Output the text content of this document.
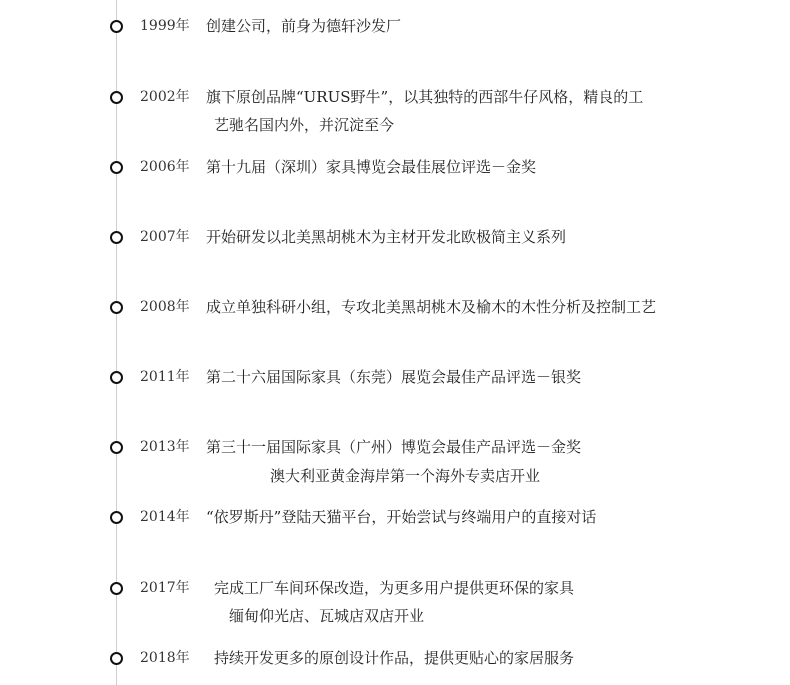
1999年 创建公司，前身为德轩沙发厂
2002年 旗下原创品牌“URUS野牛”，以其独特的西部牛仔风格，精良的工
艺驰名国内外，并沉淀至今
2006年 第十九届（深圳）家具博览会最佳展位评选－金奖
2007年 开始研发以北美黑胡桃木为主材开发北欧极简主义系列
2008年 成立单独科研小组，专攻北美黑胡桃木及榆木的木性分析及控制工艺
2011年 第二十六届国际家具（东莞）展览会最佳产品评选－银奖
2013年 第三十一届国际家具（广州）博览会最佳产品评选－金奖
澳大利亚黄金海岸第一个海外专卖店开业
2014年 “依罗斯丹”登陆天猫平台，开始尝试与终端用户的直接对话
2017年 完成工厂车间环保改造，为更多用户提供更环保的家具
缅甸仰光店、瓦城店双店开业
2018年 持续开发更多的原创设计作品，提供更贴心的家居服务
